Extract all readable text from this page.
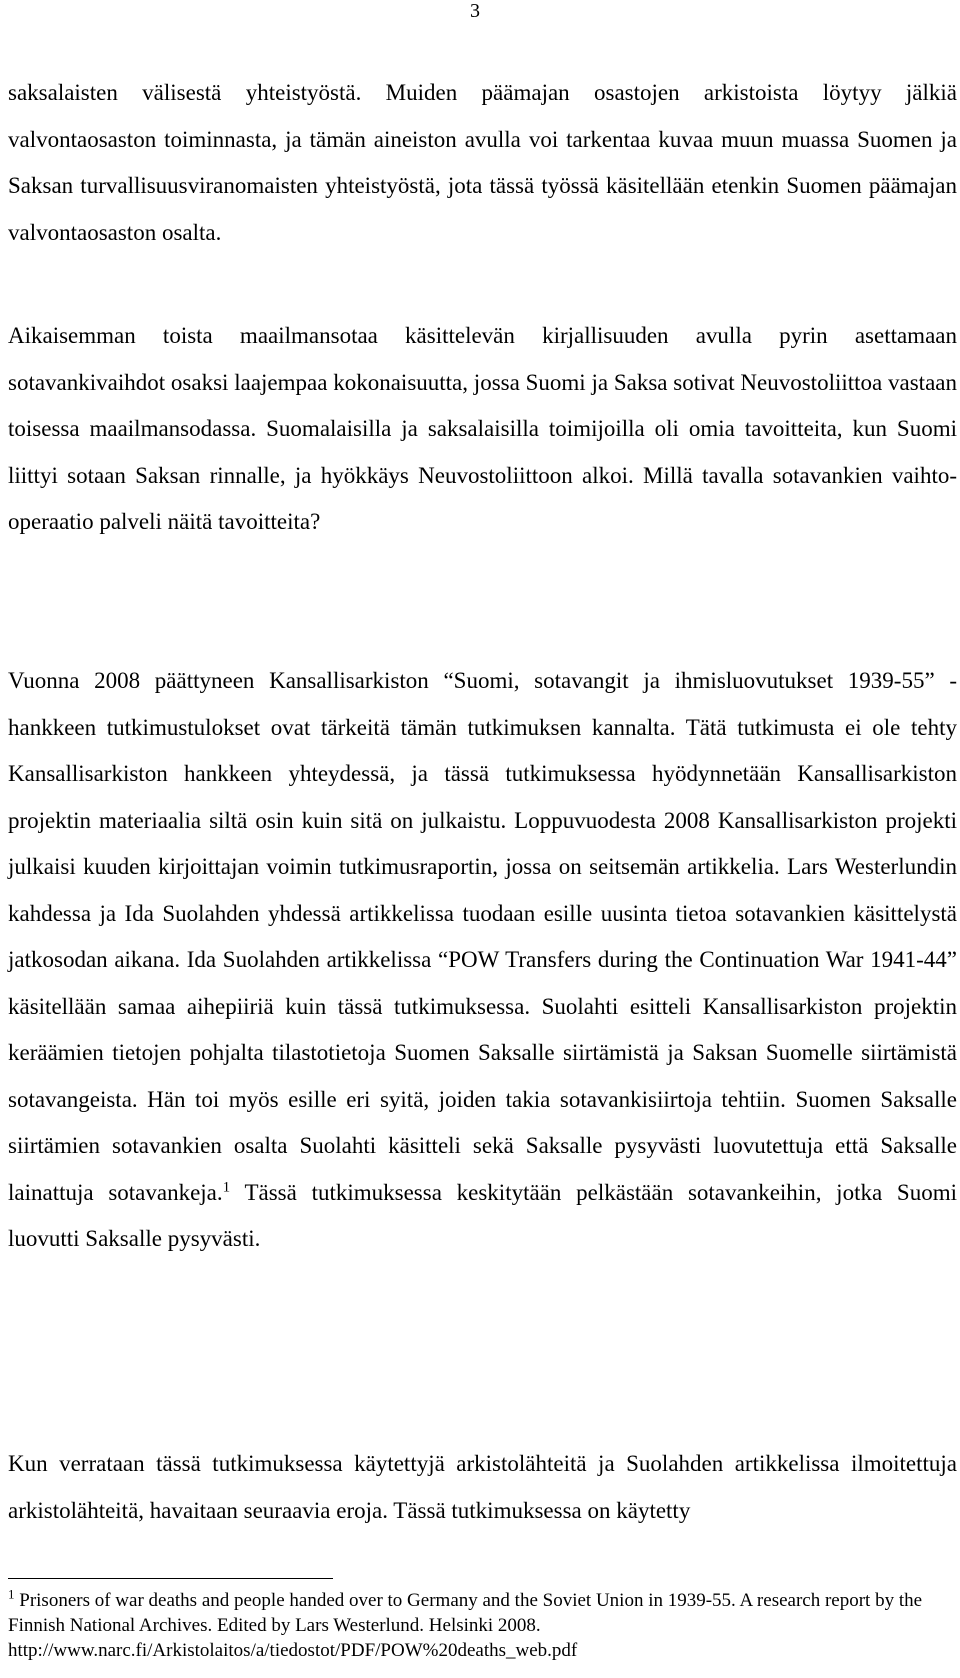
3

saksalaisten välisestä yhteistyöstä. Muiden päämajan osastojen arkistoista löytyy jälkiä valvontaosaston toiminnasta, ja tämän aineiston avulla voi tarkentaa kuvaa muun muassa Suomen ja Saksan turvallisuusviranomaisten yhteistyöstä, jota tässä työssä käsitellään etenkin Suomen päämajan valvontaosaston osalta.

Aikaisemman toista maailmansotaa käsittelevän kirjallisuuden avulla pyrin asettamaan sotavankivaihdot osaksi laajempaa kokonaisuutta, jossa Suomi ja Saksa sotivat Neuvostoliittoa vastaan toisessa maailmansodassa. Suomalaisilla ja saksalaisilla toimijoilla oli omia tavoitteita, kun Suomi liittyi sotaan Saksan rinnalle, ja hyökkäys Neuvostoliittoon alkoi. Millä tavalla sotavankien vaihto-operaatio palveli näitä tavoitteita?

Vuonna 2008 päättyneen Kansallisarkiston “Suomi, sotavangit ja ihmisluovutukset 1939-55” -hankkeen tutkimustulokset ovat tärkeitä tämän tutkimuksen kannalta. Tätä tutkimusta ei ole tehty Kansallisarkiston hankkeen yhteydessä, ja tässä tutkimuksessa hyödynnetään Kansallisarkiston projektin materiaalia siltä osin kuin sitä on julkaistu. Loppuvuodesta 2008 Kansallisarkiston projekti julkaisi kuuden kirjoittajan voimin tutkimusraportin, jossa on seitsemän artikkelia. Lars Westerlundin kahdessa ja Ida Suolahden yhdessä artikkelissa tuodaan esille uusinta tietoa sotavankien käsittelystä jatkosodan aikana. Ida Suolahden artikkelissa “POW Transfers during the Continuation War 1941-44” käsitellään samaa aihepiiriä kuin tässä tutkimuksessa. Suolahti esitteli Kansallisarkiston projektin keräämien tietojen pohjalta tilastotietoja Suomen Saksalle siirtämistä ja Saksan Suomelle siirtämistä sotavangeista. Hän toi myös esille eri syitä, joiden takia sotavankisiirtoja tehtiin. Suomen Saksalle siirtämien sotavankien osalta Suolahti käsitteli sekä Saksalle pysyvästi luovutettuja että Saksalle lainattuja sotavankeja.$^1$ Tässä tutkimuksessa keskitytään pelkästään sotavankeihin, jotka Suomi luovutti Saksalle pysyvästi.

Kun verrataan tässä tutkimuksessa käytettyjä arkistolähteitä ja Suolahden artikkelissa ilmoitettuja arkistolähteitä, havaitaan seuraavia eroja. Tässä tutkimuksessa on käytetty

$^1$ Prisoners of war deaths and people handed over to Germany and the Soviet Union in 1939-55. A research report by the Finnish National Archives. Edited by Lars Westerlund. Helsinki 2008. http://www.narc.fi/Arkistolaitos/a/tiedostot/PDF/POW%20deaths_web.pdf
